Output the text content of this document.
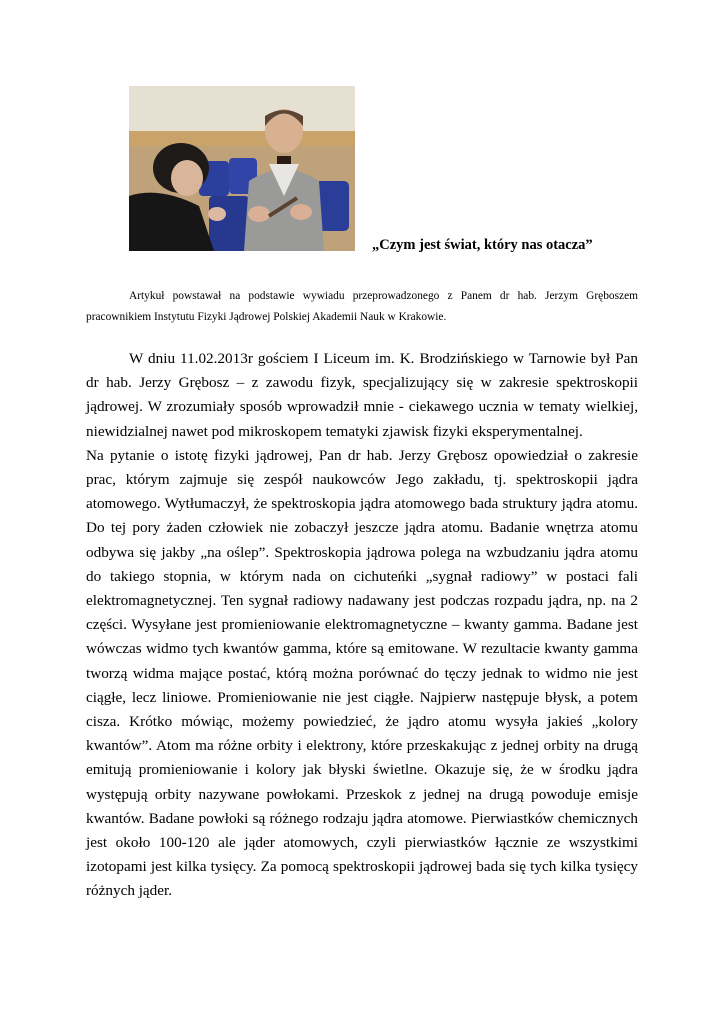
„Czym jest świat, który nas otacza”
Artykuł powstawał na podstawie wywiadu przeprowadzonego z Panem dr hab. Jerzym Gręboszem pracownikiem Instytutu Fizyki Jądrowej Polskiej Akademii Nauk w Krakowie.

W dniu 11.02.2013r gościem I Liceum im. K. Brodzińskiego w Tarnowie był Pan dr hab. Jerzy Grębosz – z zawodu fizyk, specjalizujący się w zakresie spektroskopii jądrowej. W zrozumiały sposób wprowadził mnie - ciekawego ucznia w tematy wielkiej, niewidzialnej nawet pod mikroskopem tematyki zjawisk fizyki eksperymentalnej.

Na pytanie o istotę fizyki jądrowej, Pan dr hab. Jerzy Grębosz opowiedział o zakresie prac, którym zajmuje się zespół naukowców Jego zakładu, tj. spektroskopii jądra atomowego. Wytłumaczył, że spektroskopia jądra atomowego bada struktury jądra atomu. Do tej pory żaden człowiek nie zobaczył jeszcze jądra atomu. Badanie wnętrza atomu odbywa się jakby „na oślep”. Spektroskopia jądrowa polega na wzbudzaniu jądra atomu do takiego stopnia, w którym nada on cichuteńki „sygnał radiowy” w postaci fali elektromagnetycznej. Ten sygnał radiowy nadawany jest podczas rozpadu jądra, np. na 2 części. Wysyłane jest promieniowanie elektromagnetyczne – kwanty gamma. Badane jest wówczas widmo tych kwantów gamma, które są emitowane. W rezultacie kwanty gamma tworzą widma mające postać, którą można porównać do tęczy jednak to widmo nie jest ciągłe, lecz liniowe. Promieniowanie nie jest ciągłe. Najpierw następuje błysk, a potem cisza. Krótko mówiąc, możemy powiedzieć, że jądro atomu wysyła jakieś „kolory kwantów”. Atom ma różne orbity i elektrony, które przeskakując z jednej orbity na drugą emitują promieniowanie i kolory jak błyski świetlne. Okazuje się, że w środku jądra występują orbity nazywane powłokami. Przeskok z jednej na drugą powoduje emisje kwantów. Badane powłoki są różnego rodzaju jądra atomowe. Pierwiastków chemicznych jest około 100-120 ale jąder atomowych, czyli pierwiastków łącznie ze wszystkimi izotopami jest kilka tysięcy. Za pomocą spektroskopii jądrowej bada się tych kilka tysięcy różnych jąder.
